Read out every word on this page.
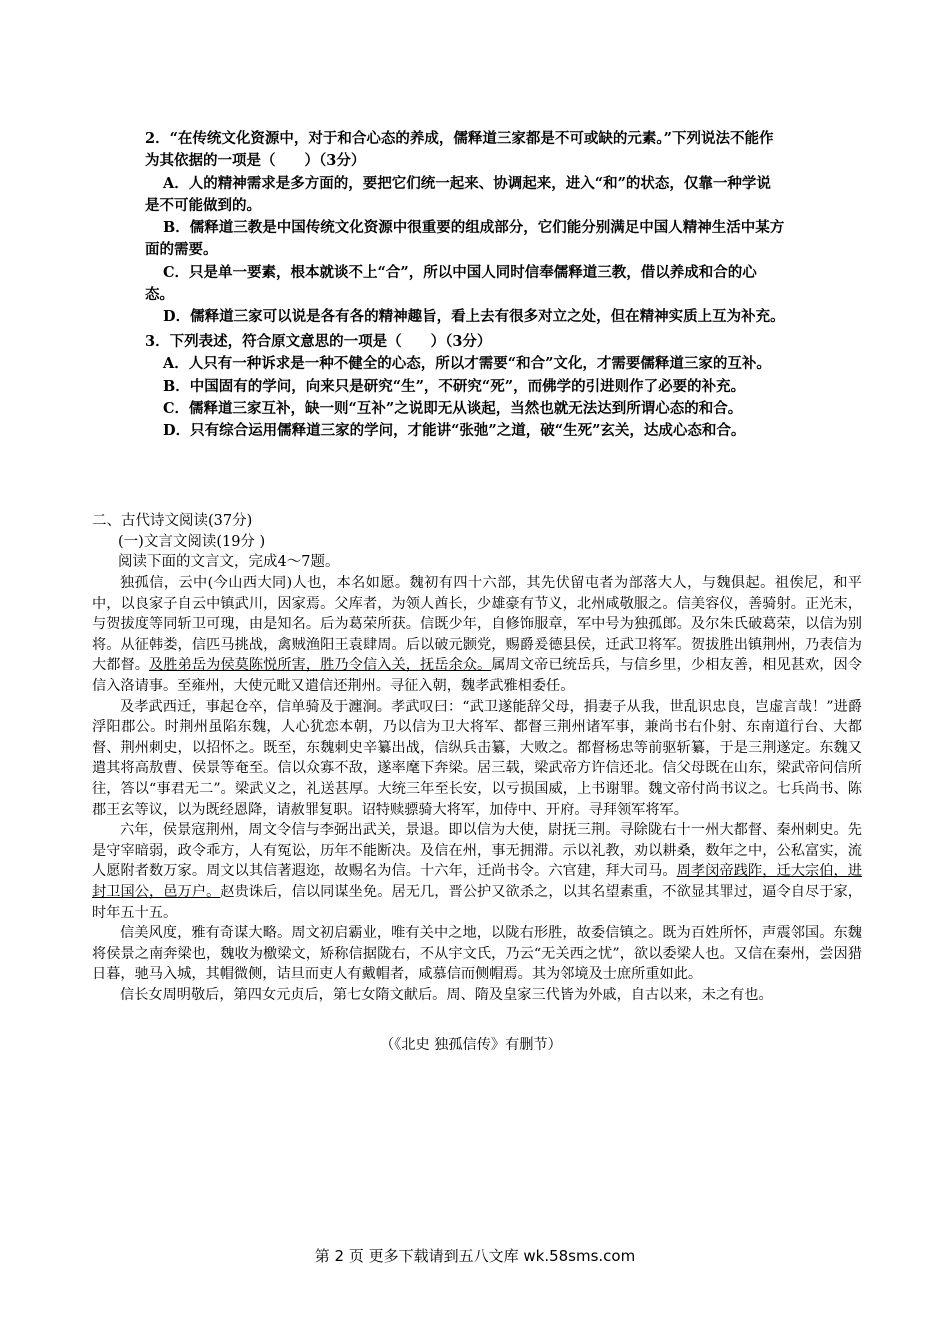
2．“在传统文化资源中，对于和合心态的养成，儒释道三家都是不可或缺的元素。”下列说法不能作为其依据的一项是（　　）（3分）

A．人的精神需求是多方面的，要把它们统一起来、协调起来，进入“和”的状态，仅靠一种学说是不可能做到的。

B．儒释道三教是中国传统文化资源中很重要的组成部分，它们能分别满足中国人精神生活中某方面的需要。

C．只是单一要素，根本就谈不上“合”，所以中国人同时信奉儒释道三教，借以养成和合的心态。

D．儒释道三家可以说是各有各的精神趣旨，看上去有很多对立之处，但在精神实质上互为补充。

3．下列表述，符合原文意思的一项是（　　）（3分）

A．人只有一种诉求是一种不健全的心态，所以才需要“和合”文化，才需要儒释道三家的互补。

B．中国固有的学问，向来只是研究“生”，不研究“死”，而佛学的引进则作了必要的补充。

C．儒释道三家互补，缺一则“互补”之说即无从谈起，当然也就无法达到所谓心态的和合。

D．只有综合运用儒释道三家的学问，才能讲“张弛”之道，破“生死”玄关，达成心态和合。

二、古代诗文阅读(37分)

(一)文言文阅读(19分 )

阅读下面的文言文，完成4～7题。

独孤信，云中(今山西大同)人也，本名如愿。魏初有四十六部，其先伏留屯者为部落大人，与魏俱起。祖俟尼，和平中，以良家子自云中镇武川，因家焉。父库者，为领人酋长，少雄豪有节义，北州咸敬服之。信美容仪，善骑射。正光末，与贺拔度等同斩卫可瑰，由是知名。后为葛荣所获。信既少年，自修饰服章，军中号为独孤郎。及尔朱氏破葛荣，以信为别将。从征韩娄，信匹马挑战，禽贼渔阳王袁肆周。后以破元颢党，赐爵爰德县侯，迁武卫将军。贺拔胜出镇荆州，乃表信为大都督。及胜弟岳为侯莫陈悦所害，胜乃令信入关，抚岳余众。属周文帝已统岳兵，与信乡里，少相友善，相见甚欢，因令信入洛请事。至雍州，大使元毗又遣信还荆州。寻征入朝，魏孝武雅相委任。

及孝武西迁，事起仓卒，信单骑及于瀍涧。孝武叹曰：“武卫遂能辞父母，捐妻子从我，世乱识忠良，岂虚言哉！”进爵浮阳郡公。时荆州虽陷东魏，人心犹恋本朝，乃以信为卫大将军、都督三荆州诸军事，兼尚书右仆射、东南道行台、大都督、荆州刺史，以招怀之。既至，东魏刺史辛纂出战，信纵兵击纂，大败之。都督杨忠等前驱斩纂，于是三荆遂定。东魏又遣其将高敖曹、侯景等奄至。信以众寡不敌，遂率麾下奔梁。居三载，梁武帝方许信还北。信父母既在山东，梁武帝问信所往，答以“事君无二”。梁武义之，礼送甚厚。大统三年至长安，以亏损国威，上书谢罪。魏文帝付尚书议之。七兵尚书、陈郡王玄等议，以为既经恩降，请赦罪复职。诏特赎骠骑大将军，加侍中、开府。寻拜领军将军。

六年，侯景寇荆州，周文令信与李弼出武关，景退。即以信为大使，尉抚三荆。寻除陇右十一州大都督、秦州刺史。先是守宰暗弱，政令乖方，人有冤讼，历年不能断决。及信在州，事无拥滞。示以礼教，劝以耕桑，数年之中，公私富实，流人愿附者数万家。周文以其信著遐迩，故赐名为信。十六年，迁尚书令。六官建，拜大司马。周孝闵帝践阼，迁大宗伯，进封卫国公，邑万户。赵贵诛后，信以同谋坐免。居无几，晋公护又欲杀之，以其名望素重，不欲显其罪过，逼令自尽于家，时年五十五。

信美风度，雅有奇谋大略。周文初启霸业，唯有关中之地，以陇右形胜，故委信镇之。既为百姓所怀，声震邻国。东魏将侯景之南奔梁也，魏收为檄梁文，矫称信据陇右，不从宇文氏，乃云“无关西之忧”，欲以委梁人也。又信在秦州，尝因猎日暮，驰马入城，其帽微侧，诘旦而吏人有戴帽者，咸慕信而侧帽焉。其为邻境及士庶所重如此。

信长女周明敬后，第四女元贞后，第七女隋文献后。周、隋及皇家三代皆为外戚，自古以来，未之有也。

（《北史 独孤信传》有删节）
第 2 页 更多下载请到五八文库 wk.58sms.com
